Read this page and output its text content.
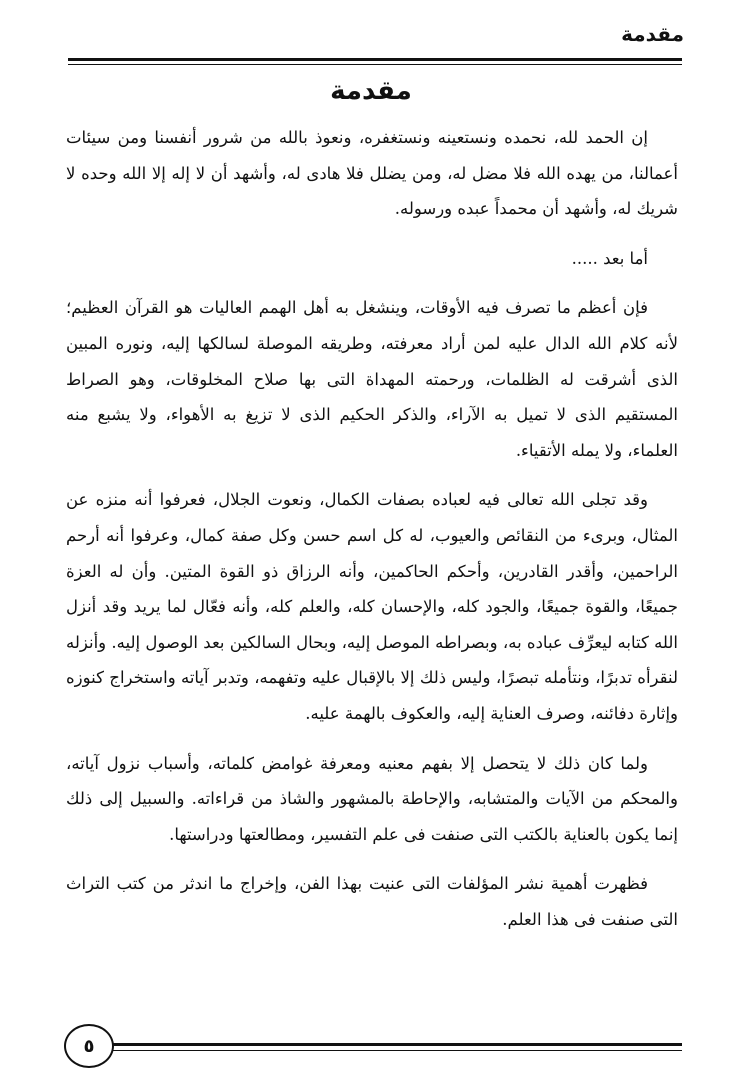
مقدمة
مقدمة

إن الحمد لله، نحمده ونستعينه ونستغفره، ونعوذ بالله من شرور أنفسنا ومن سيئات أعمالنا، من يهده الله فلا مضل له، ومن يضلل فلا هادى له، وأشهد أن لا إله إلا الله وحده لا شريك له، وأشهد أن محمداً عبده ورسوله.

أما بعد .....

فإن أعظم ما تصرف فيه الأوقات، وينشغل به أهل الهمم العاليات هو القرآن العظيم؛ لأنه كلام الله الدال عليه لمن أراد معرفته، وطريقه الموصلة لسالكها إليه، ونوره المبين الذى أشرقت له الظلمات، ورحمته المهداة التى بها صلاح المخلوقات، وهو الصراط المستقيم الذى لا تميل به الآراء، والذكر الحكيم الذى لا تزيغ به الأهواء، ولا يشبع منه العلماء، ولا يمله الأتقياء.

وقد تجلى الله تعالى فيه لعباده بصفات الكمال، ونعوت الجلال، فعرفوا أنه منزه عن المثال، وبرىء من النقائص والعيوب، له كل اسم حسن وكل صفة كمال، وعرفوا أنه أرحم الراحمين، وأقدر القادرين، وأحكم الحاكمين، وأنه الرزاق ذو القوة المتين. وأن له العزة جميعًا، والقوة جميعًا، والجود كله، والإحسان كله، والعلم كله، وأنه فعّال لما يريد وقد أنزل الله كتابه ليعرِّف عباده به، وبصراطه الموصل إليه، وبحال السالكين بعد الوصول إليه. وأنزله لنقرأه تدبرًا، ونتأمله تبصرًا، وليس ذلك إلا بالإقبال عليه وتفهمه، وتدبر آياته واستخراج كنوزه وإثارة دفائنه، وصرف العناية إليه، والعكوف بالهمة عليه.

ولما كان ذلك لا يتحصل إلا بفهم معنيه ومعرفة غوامض كلماته، وأسباب نزول آياته، والمحكم من الآيات والمتشابه، والإحاطة بالمشهور والشاذ من قراءاته. والسبيل إلى ذلك إنما يكون بالعناية بالكتب التى صنفت فى علم التفسير، ومطالعتها ودراستها.

فظهرت أهمية نشر المؤلفات التى عنيت بهذا الفن، وإخراج ما اندثر من كتب التراث التى صنفت فى هذا العلم.

٥
